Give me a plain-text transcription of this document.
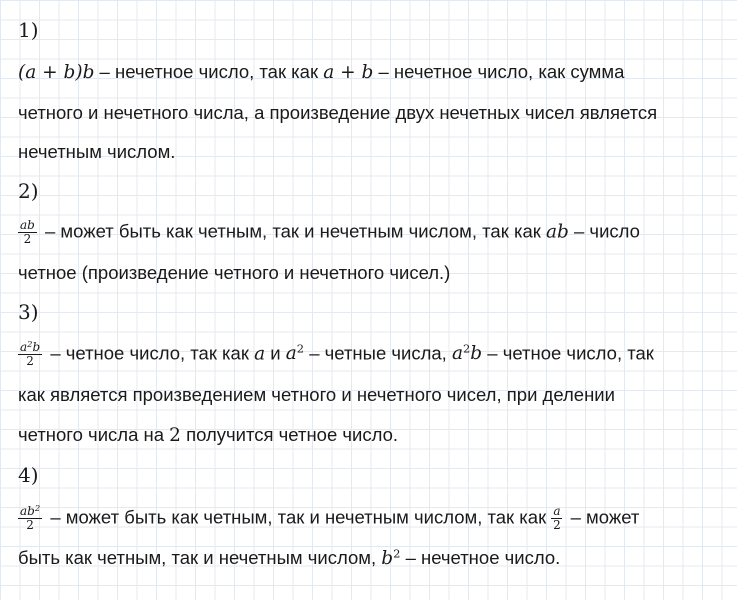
1)
(a + b)b – нечетное число, так как a + b – нечетное число, как сумма
четного и нечетного числа, а произведение двух нечетных чисел является
нечетным числом.
2)
$\frac{ab}{2}$ – может быть как четным, так и нечетным числом, так как ab – число
четное (произведение четного и нечетного чисел.)
3)
$\frac{a^2b}{2}$ – четное число, так как a и $a^2$ – четные числа, $a^2b$ – четное число, так
как является произведением четного и нечетного чисел, при делении
четного числа на 2 получится четное число.
4)
$\frac{ab^2}{2}$ – может быть как четным, так и нечетным числом, так как $\frac{a}{2}$ – может
быть как четным, так и нечетным числом, $b^2$ – нечетное число.
